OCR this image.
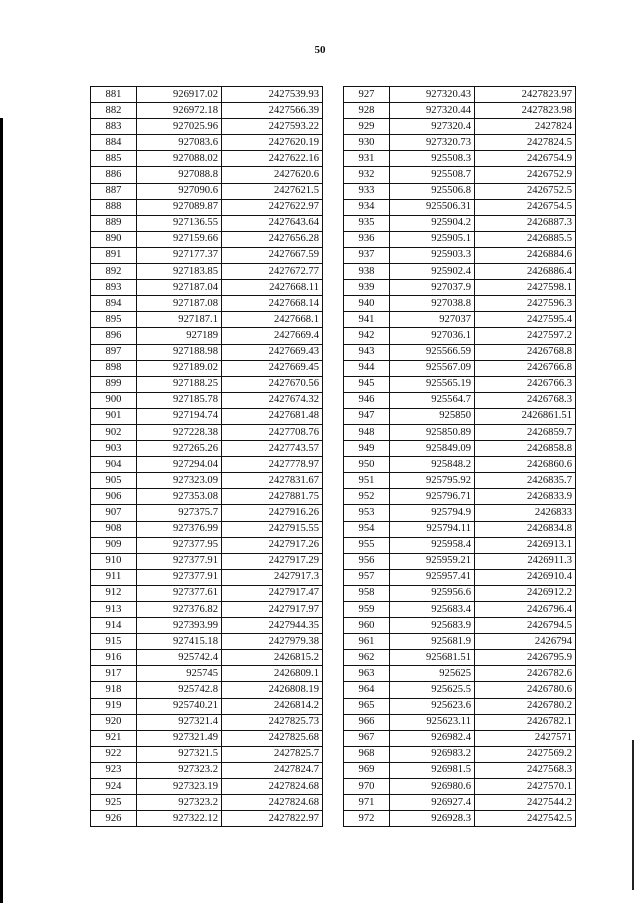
50
881	926917.02	2427539.93
882	926972.18	2427566.39
883	927025.96	2427593.22
884	927083.6	2427620.19
885	927088.02	2427622.16
886	927088.8	2427620.6
887	927090.6	2427621.5
888	927089.87	2427622.97
889	927136.55	2427643.64
890	927159.66	2427656.28
891	927177.37	2427667.59
892	927183.85	2427672.77
893	927187.04	2427668.11
894	927187.08	2427668.14
895	927187.1	2427668.1
896	927189	2427669.4
897	927188.98	2427669.43
898	927189.02	2427669.45
899	927188.25	2427670.56
900	927185.78	2427674.32
901	927194.74	2427681.48
902	927228.38	2427708.76
903	927265.26	2427743.57
904	927294.04	2427778.97
905	927323.09	2427831.67
906	927353.08	2427881.75
907	927375.7	2427916.26
908	927376.99	2427915.55
909	927377.95	2427917.26
910	927377.91	2427917.29
911	927377.91	2427917.3
912	927377.61	2427917.47
913	927376.82	2427917.97
914	927393.99	2427944.35
915	927415.18	2427979.38
916	925742.4	2426815.2
917	925745	2426809.1
918	925742.8	2426808.19
919	925740.21	2426814.2
920	927321.4	2427825.73
921	927321.49	2427825.68
922	927321.5	2427825.7
923	927323.2	2427824.7
924	927323.19	2427824.68
925	927323.2	2427824.68
926	927322.12	2427822.97
927	927320.43	2427823.97
928	927320.44	2427823.98
929	927320.4	2427824
930	927320.73	2427824.5
931	925508.3	2426754.9
932	925508.7	2426752.9
933	925506.8	2426752.5
934	925506.31	2426754.5
935	925904.2	2426887.3
936	925905.1	2426885.5
937	925903.3	2426884.6
938	925902.4	2426886.4
939	927037.9	2427598.1
940	927038.8	2427596.3
941	927037	2427595.4
942	927036.1	2427597.2
943	925566.59	2426768.8
944	925567.09	2426766.8
945	925565.19	2426766.3
946	925564.7	2426768.3
947	925850	2426861.51
948	925850.89	2426859.7
949	925849.09	2426858.8
950	925848.2	2426860.6
951	925795.92	2426835.7
952	925796.71	2426833.9
953	925794.9	2426833
954	925794.11	2426834.8
955	925958.4	2426913.1
956	925959.21	2426911.3
957	925957.41	2426910.4
958	925956.6	2426912.2
959	925683.4	2426796.4
960	925683.9	2426794.5
961	925681.9	2426794
962	925681.51	2426795.9
963	925625	2426782.6
964	925625.5	2426780.6
965	925623.6	2426780.2
966	925623.11	2426782.1
967	926982.4	2427571
968	926983.2	2427569.2
969	926981.5	2427568.3
970	926980.6	2427570.1
971	926927.4	2427544.2
972	926928.3	2427542.5
